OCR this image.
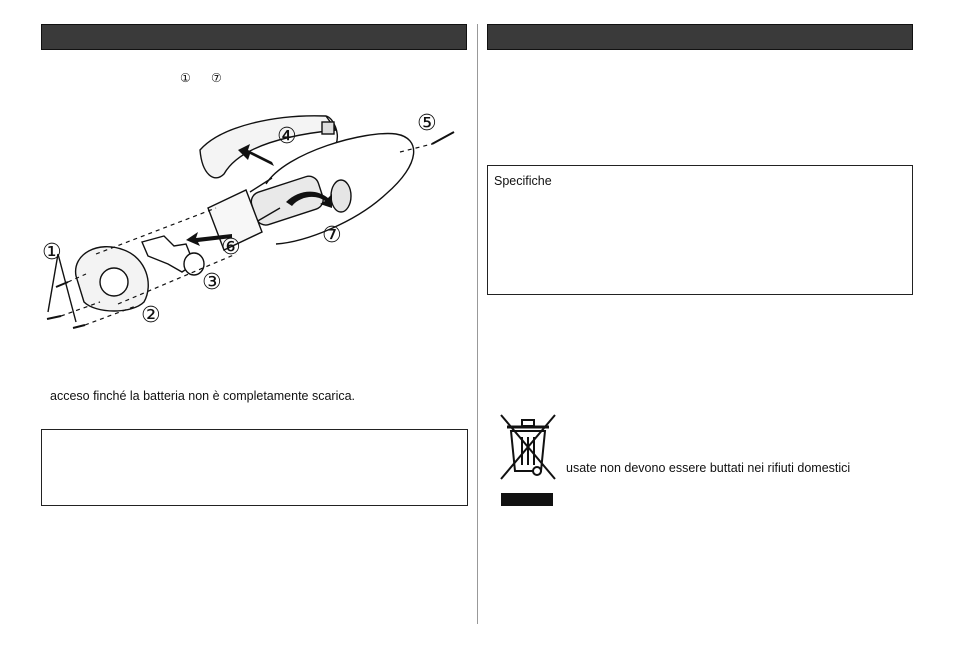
① ⑦
①
②
③
④
⑤
⑥	⑦
acceso finché la batteria non è completamente scarica.
Specifiche
usate non devono essere buttati nei rifiuti domestici
